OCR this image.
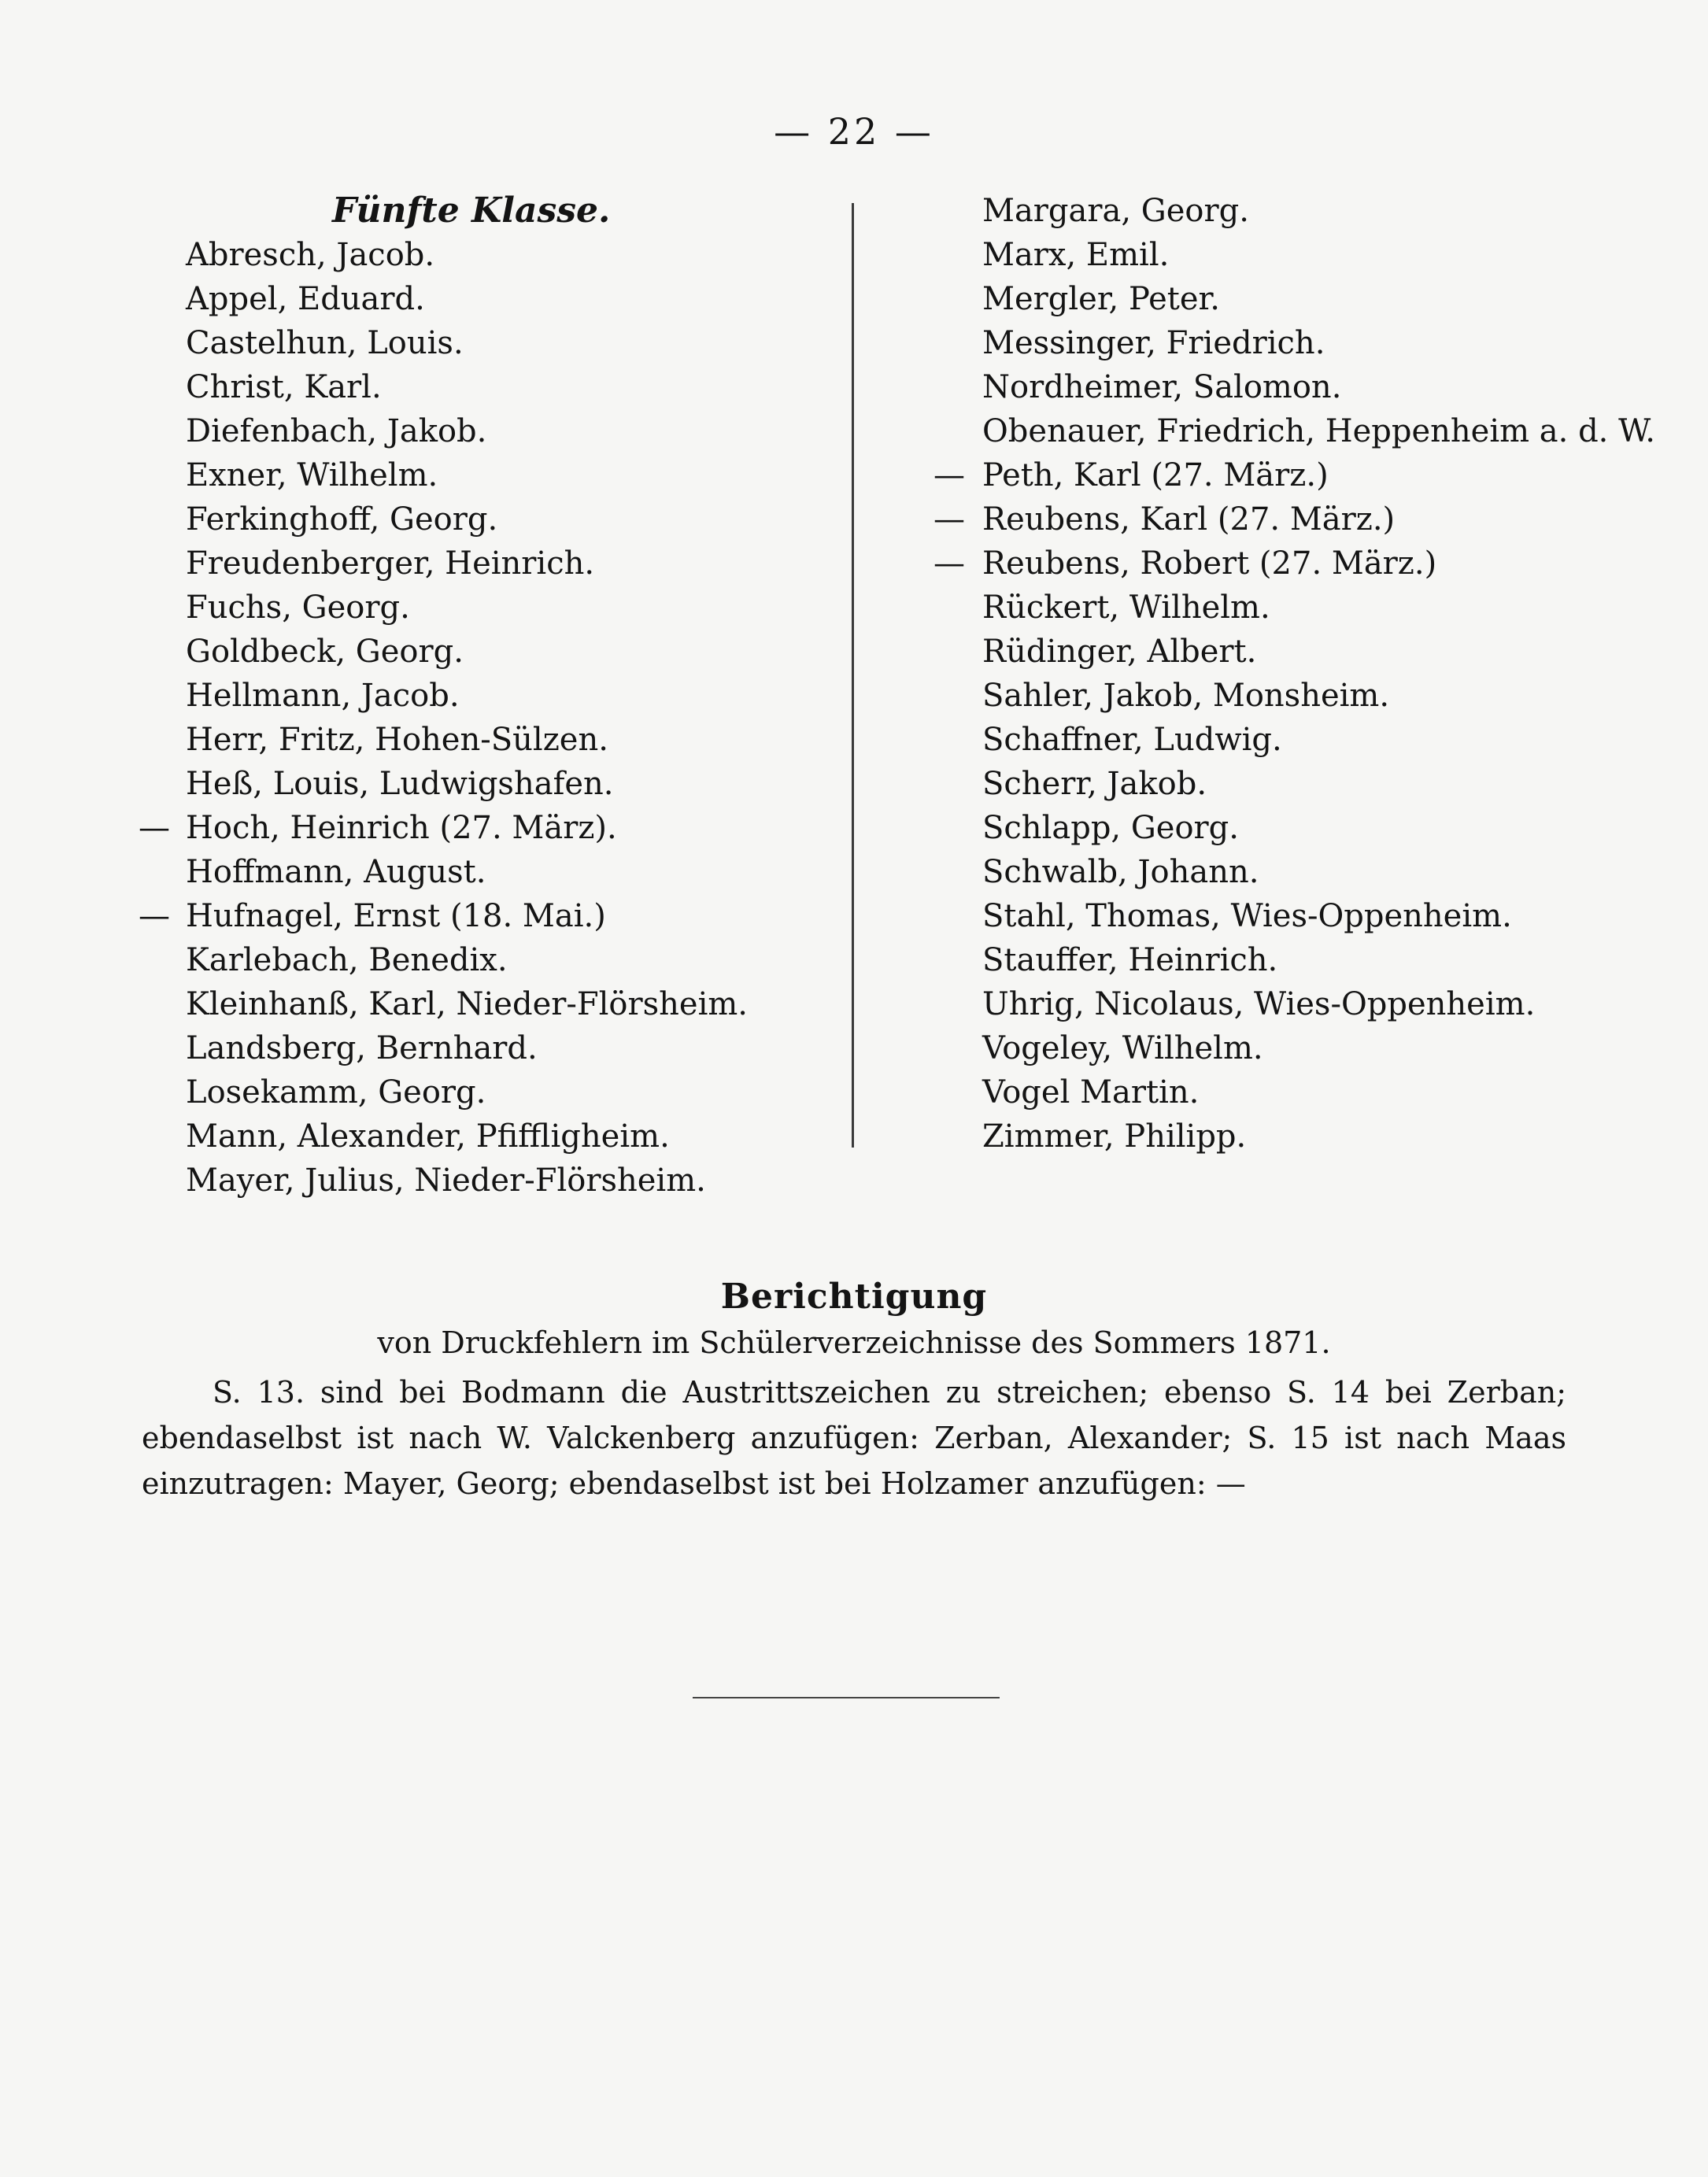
— 22 —
Fünfte Klasse.
Abresch, Jacob.
Appel, Eduard.
Castelhun, Louis.
Christ, Karl.
Diefenbach, Jakob.
Exner, Wilhelm.
Ferkinghoff, Georg.
Freudenberger, Heinrich.
Fuchs, Georg.
Goldbeck, Georg.
Hellmann, Jacob.
Herr, Fritz, Hohen-Sülzen.
Heß, Louis, Ludwigshafen.
— Hoch, Heinrich (27. März).
Hoffmann, August.
— Hufnagel, Ernst (18. Mai.)
Karlebach, Benedix.
Kleinhanß, Karl, Nieder-Flörsheim.
Landsberg, Bernhard.
Losekamm, Georg.
Mann, Alexander, Pfiffligheim.
Mayer, Julius, Nieder-Flörsheim.
Margara, Georg.
Marx, Emil.
Mergler, Peter.
Messinger, Friedrich.
Nordheimer, Salomon.
Obenauer, Friedrich, Heppenheim a. d. W.
— Peth, Karl (27. März.)
— Reubens, Karl (27. März.)
— Reubens, Robert (27. März.)
Rückert, Wilhelm.
Rüdinger, Albert.
Sahler, Jakob, Monsheim.
Schaffner, Ludwig.
Scherr, Jakob.
Schlapp, Georg.
Schwalb, Johann.
Stahl, Thomas, Wies-Oppenheim.
Stauffer, Heinrich.
Uhrig, Nicolaus, Wies-Oppenheim.
Vogeley, Wilhelm.
Vogel Martin.
Zimmer, Philipp.
Berichtigung
von Druckfehlern im Schülerverzeichnisse des Sommers 1871.
S. 13. sind bei Bodmann die Austrittszeichen zu streichen; ebenso S. 14 bei Zerban; ebendaselbst ist nach W. Valckenberg anzufügen: Zerban, Alexander; S. 15 ist nach Maas einzutragen: Mayer, Georg; ebendaselbst ist bei Holzamer anzufügen: —
